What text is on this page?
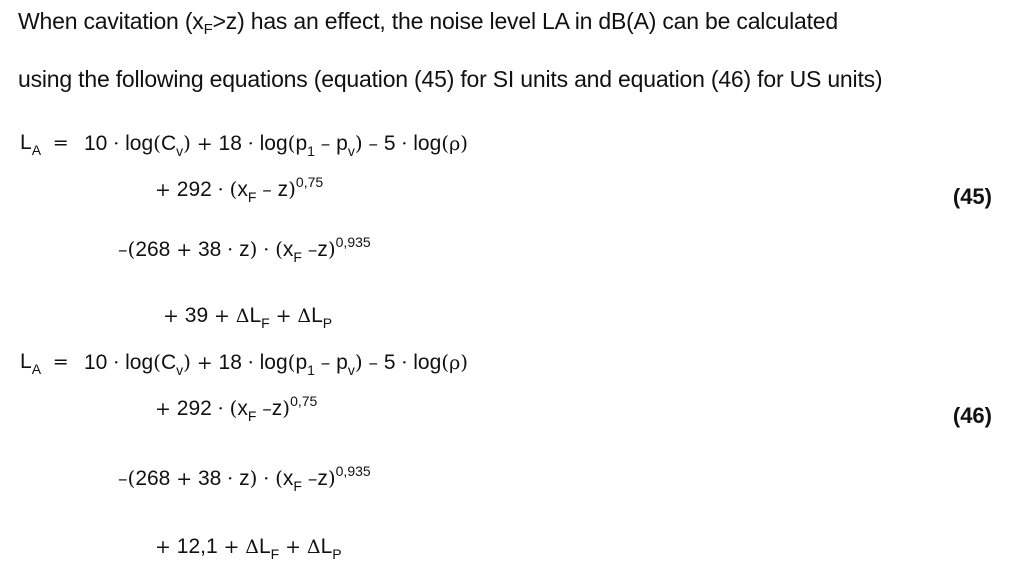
When cavitation $(x_F>z)$ has an effect, the noise level LA in dB(A) can be calculated
using the following equations (equation (45) for SI units and equation (46) for US units)
$L_A = 10 \cdot \log(C_v) + 18 \cdot \log(p_1 - p_v) - 5 \cdot \log(\rho)$
+ $292 \cdot (x_F - z)^{0,75}$
(45)
$-(268 + 38 \cdot z) \cdot (x_F$ –z)$^{0,935}$
+ $39 + \Delta L_F + \Delta L_P$
$L_A = 10 \cdot \log(C_v) + 18 \cdot \log(p_1 - p_v) - 5 \cdot \log(\rho)$
+ $292 \cdot (x_F$ –z)$^{0,75}$
(46)
$-(268 + 38 \cdot z) \cdot (x_F$ –z)$^{0,935}$
+ $12,1 + \Delta L_F + \Delta L_P$
